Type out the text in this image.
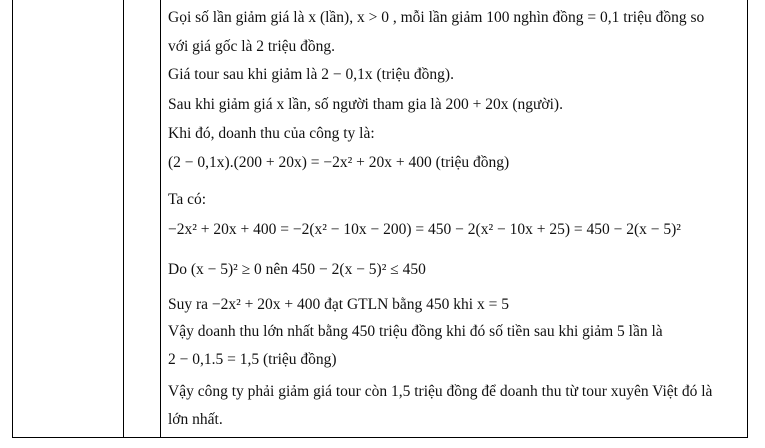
Gọi số lần giảm giá là x (lần), x > 0 , mỗi lần giảm 100 nghìn đồng = 0,1 triệu đồng so
với giá gốc là 2 triệu đồng.
Giá tour sau khi giảm là 2 − 0,1x (triệu đồng).
Sau khi giảm giá x lần, số người tham gia là 200 + 20x (người).
Khi đó, doanh thu của công ty là:
(2 − 0,1x).(200 + 20x) = −2x² + 20x + 400 (triệu đồng)
Ta có:
−2x² + 20x + 400 = −2(x² − 10x − 200) = 450 − 2(x² − 10x + 25) = 450 − 2(x − 5)²
Do (x − 5)² ≥ 0 nên 450 − 2(x − 5)² ≤ 450
Suy ra −2x² + 20x + 400 đạt GTLN bằng 450 khi x = 5
Vậy doanh thu lớn nhất bằng 450 triệu đồng khi đó số tiền sau khi giảm 5 lần là
2 − 0,1.5 = 1,5 (triệu đồng)
Vậy công ty phải giảm giá tour còn 1,5 triệu đồng để doanh thu từ tour xuyên Việt đó là
lớn nhất.
